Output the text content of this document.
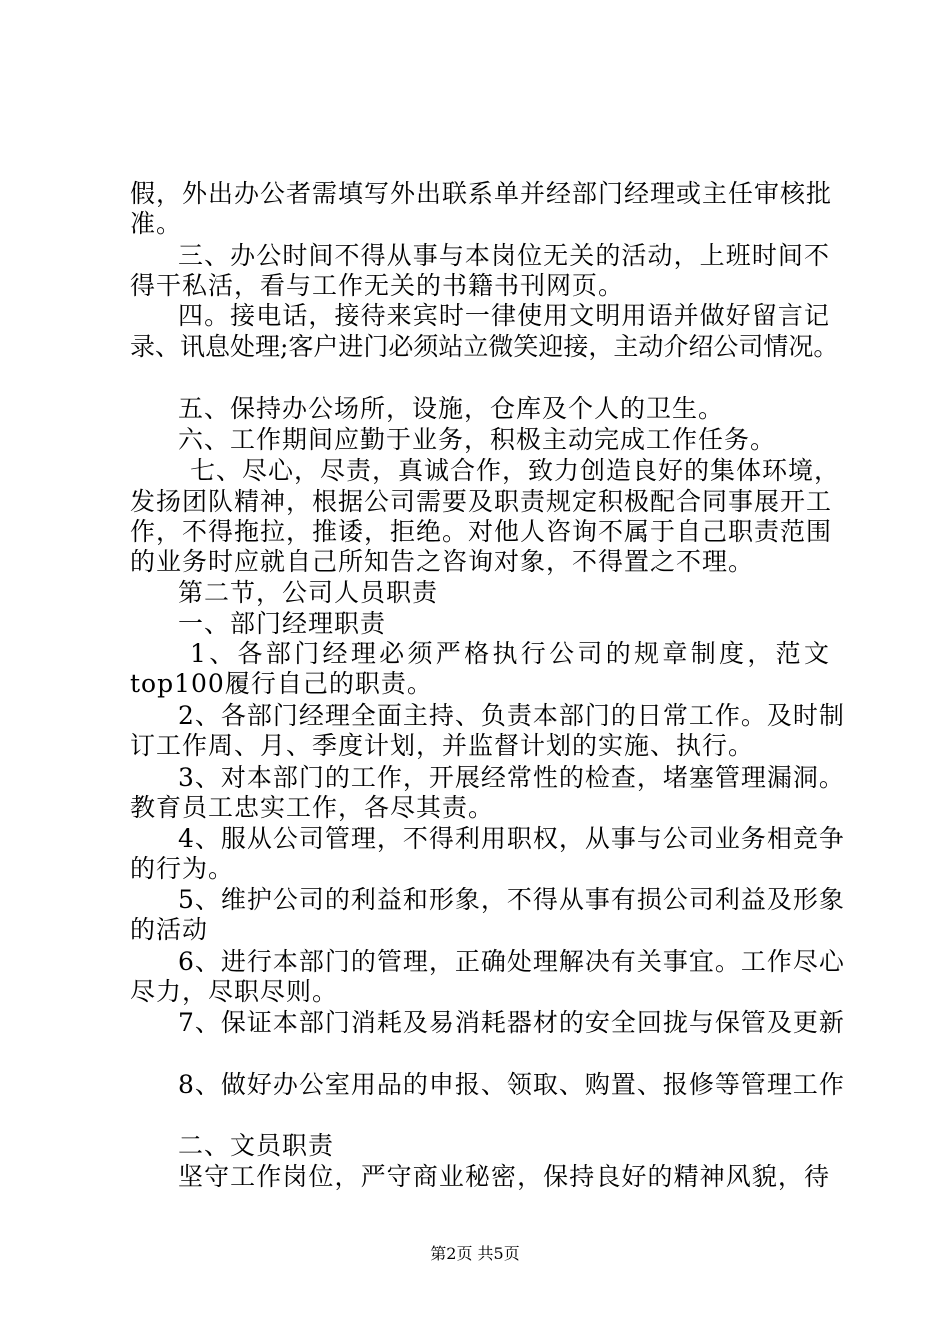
假，外出办公者需填写外出联系单并经部门经理或主任审核批
准。
三、办公时间不得从事与本岗位无关的活动，上班时间不
得干私活，看与工作无关的书籍书刊网页。
四。接电话，接待来宾时一律使用文明用语并做好留言记
录、讯息处理;客户进门必须站立微笑迎接，主动介绍公司情况。
五、保持办公场所，设施，仓库及个人的卫生。
六、工作期间应勤于业务，积极主动完成工作任务。
七、尽心，尽责，真诚合作，致力创造良好的集体环境，
发扬团队精神，根据公司需要及职责规定积极配合同事展开工
作，不得拖拉，推诿，拒绝。对他人咨询不属于自己职责范围
的业务时应就自己所知告之咨询对象，不得置之不理。
第二节，公司人员职责
一、部门经理职责
1、各部门经理必须严格执行公司的规章制度，范文
top100履行自己的职责。
2、各部门经理全面主持、负责本部门的日常工作。及时制
订工作周、月、季度计划，并监督计划的实施、执行。
3、对本部门的工作，开展经常性的检查，堵塞管理漏洞。
教育员工忠实工作，各尽其责。
4、服从公司管理，不得利用职权，从事与公司业务相竞争
的行为。
5、维护公司的利益和形象，不得从事有损公司利益及形象
的活动
6、进行本部门的管理，正确处理解决有关事宜。工作尽心
尽力，尽职尽则。
7、保证本部门消耗及易消耗器材的安全回拢与保管及更新
8、做好办公室用品的申报、领取、购置、报修等管理工作
二、文员职责
坚守工作岗位，严守商业秘密，保持良好的精神风貌，待
第2页 共5页
